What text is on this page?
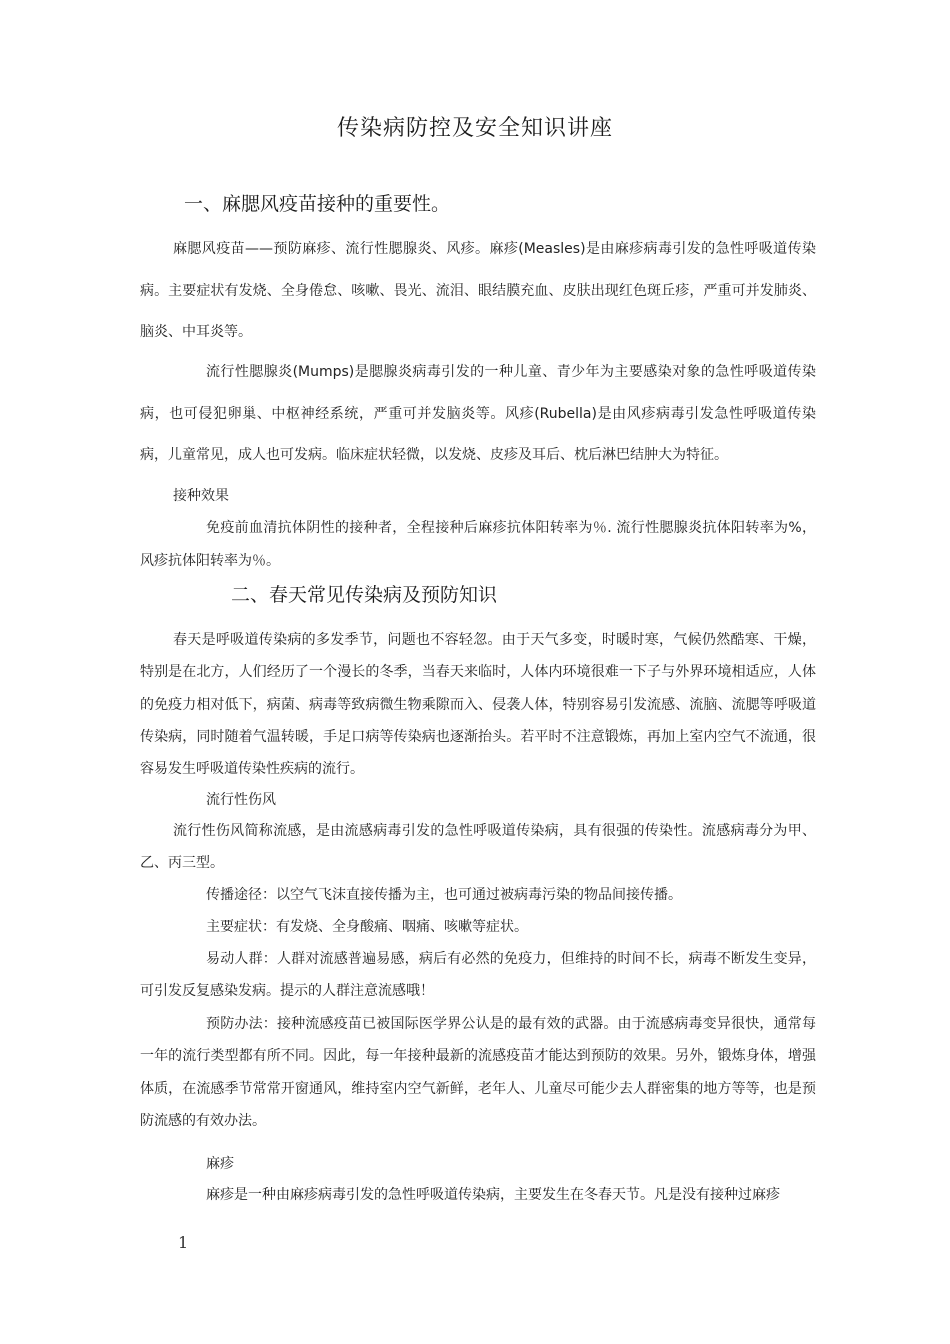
传染病防控及安全知识讲座
一、麻腮风疫苗接种的重要性。
麻腮风疫苗——预防麻疹、流行性腮腺炎、风疹。麻疹(Measles)是由麻疹病毒引发的急性呼吸道传染病。主要症状有发烧、全身倦怠、咳嗽、畏光、流泪、眼结膜充血、皮肤出现红色斑丘疹，严重可并发肺炎、脑炎、中耳炎等。
流行性腮腺炎(Mumps)是腮腺炎病毒引发的一种儿童、青少年为主要感染对象的急性呼吸道传染病，也可侵犯卵巢、中枢神经系统，严重可并发脑炎等。风疹(Rubella)是由风疹病毒引发急性呼吸道传染病，儿童常见，成人也可发病。临床症状轻微，以发烧、皮疹及耳后、枕后淋巴结肿大为特征。
接种效果
免疫前血清抗体阴性的接种者，全程接种后麻疹抗体阳转率为％. 流行性腮腺炎抗体阳转率为%，风疹抗体阳转率为％。
二、春天常见传染病及预防知识
春天是呼吸道传染病的多发季节，问题也不容轻忽。由于天气多变，时暖时寒，气候仍然酷寒、干燥，特别是在北方，人们经历了一个漫长的冬季，当春天来临时，人体内环境很难一下子与外界环境相适应，人体的免疫力相对低下，病菌、病毒等致病微生物乘隙而入、侵袭人体，特别容易引发流感、流脑、流腮等呼吸道传染病，同时随着气温转暖，手足口病等传染病也逐渐抬头。若平时不注意锻炼，再加上室内空气不流通，很容易发生呼吸道传染性疾病的流行。
流行性伤风
流行性伤风简称流感，是由流感病毒引发的急性呼吸道传染病，具有很强的传染性。流感病毒分为甲、乙、丙三型。
传播途径：以空气飞沫直接传播为主，也可通过被病毒污染的物品间接传播。
主要症状：有发烧、全身酸痛、咽痛、咳嗽等症状。
易动人群：人群对流感普遍易感，病后有必然的免疫力，但维持的时间不长，病毒不断发生变异，可引发反复感染发病。提示的人群注意流感哦！
预防办法：接种流感疫苗已被国际医学界公认是的最有效的武器。由于流感病毒变异很快，通常每一年的流行类型都有所不同。因此，每一年接种最新的流感疫苗才能达到预防的效果。另外，锻炼身体，增强体质，在流感季节常常开窗通风，维持室内空气新鲜，老年人、儿童尽可能少去人群密集的地方等等，也是预防流感的有效办法。
麻疹
麻疹是一种由麻疹病毒引发的急性呼吸道传染病，主要发生在冬春天节。凡是没有接种过麻疹
1
